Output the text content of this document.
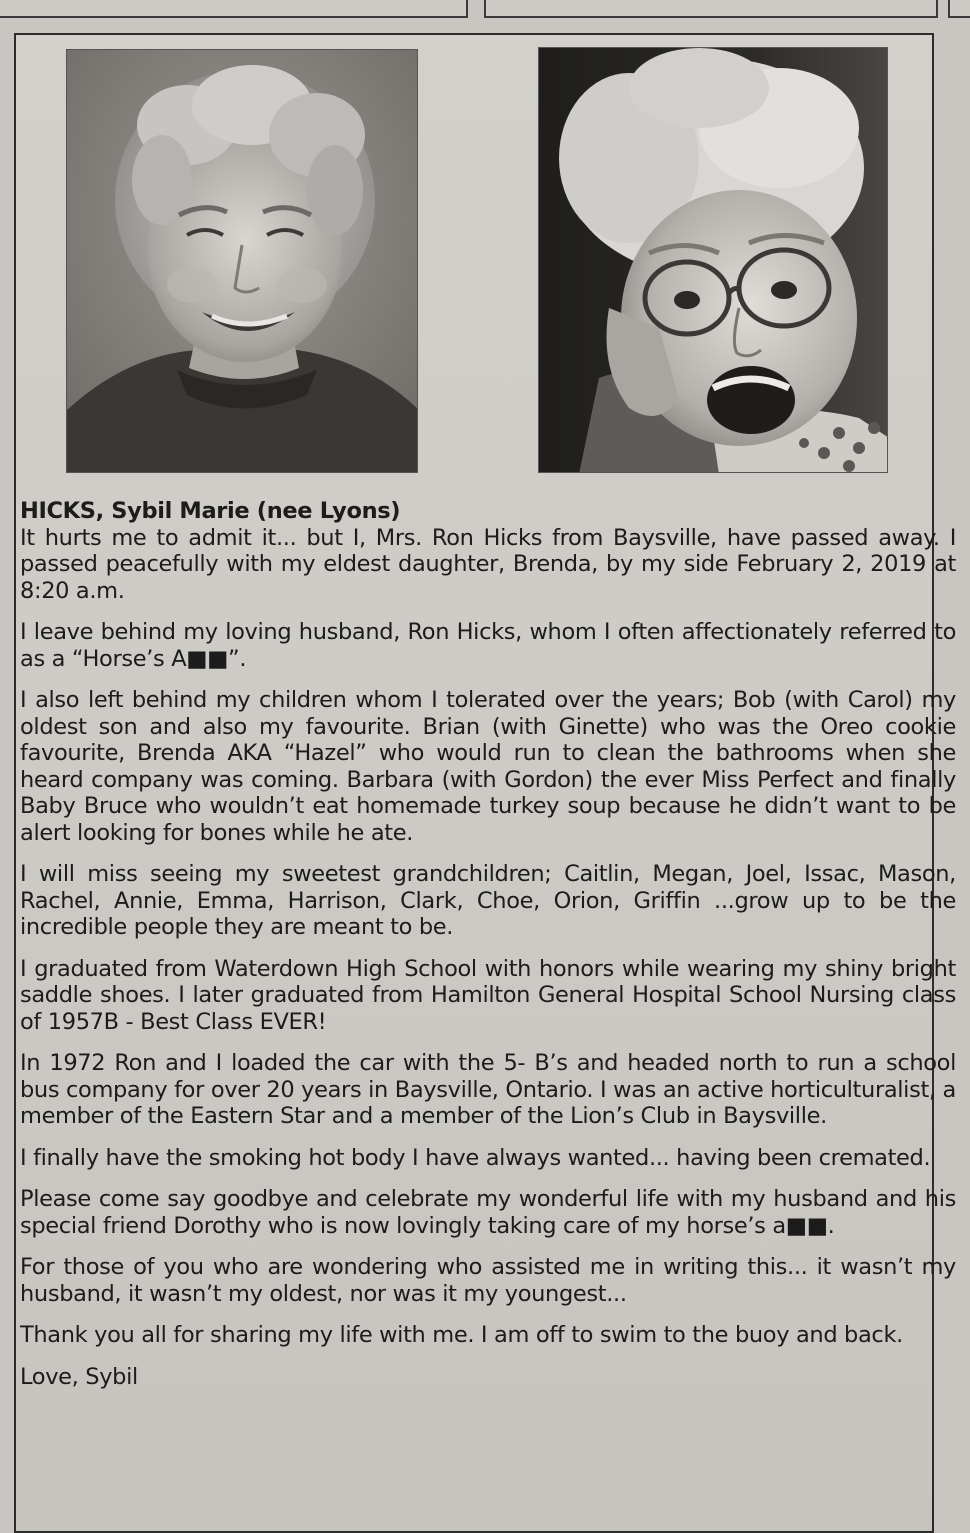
HICKS, Sybil Marie (nee Lyons)
It hurts me to admit it... but I, Mrs. Ron Hicks from Baysville, have passed away. I passed peacefully with my eldest daughter, Brenda, by my side February 2, 2019 at 8:20 a.m.

I leave behind my loving husband, Ron Hicks, whom I often affectionately referred to as a “Horse’s A■■”.

I also left behind my children whom I tolerated over the years; Bob (with Carol) my oldest son and also my favourite. Brian (with Ginette) who was the Oreo cookie favourite, Brenda AKA “Hazel” who would run to clean the bathrooms when she heard company was coming. Barbara (with Gordon) the ever Miss Perfect and finally Baby Bruce who wouldn’t eat homemade turkey soup because he didn’t want to be alert looking for bones while he ate.

I will miss seeing my sweetest grandchildren; Caitlin, Megan, Joel, Issac, Mason, Rachel, Annie, Emma, Harrison, Clark, Choe, Orion, Griffin ...grow up to be the incredible people they are meant to be.

I graduated from Waterdown High School with honors while wearing my shiny bright saddle shoes. I later graduated from Hamilton General Hospital School Nursing class of 1957B - Best Class EVER!

In 1972 Ron and I loaded the car with the 5- B’s and headed north to run a school bus company for over 20 years in Baysville, Ontario. I was an active horticulturalist, a member of the Eastern Star and a member of the Lion’s Club in Baysville.

I finally have the smoking hot body I have always wanted... having been cremated.

Please come say goodbye and celebrate my wonderful life with my husband and his special friend Dorothy who is now lovingly taking care of my horse’s a■■.

For those of you who are wondering who assisted me in writing this... it wasn’t my husband, it wasn’t my oldest, nor was it my youngest...

Thank you all for sharing my life with me. I am off to swim to the buoy and back.

Love, Sybil
